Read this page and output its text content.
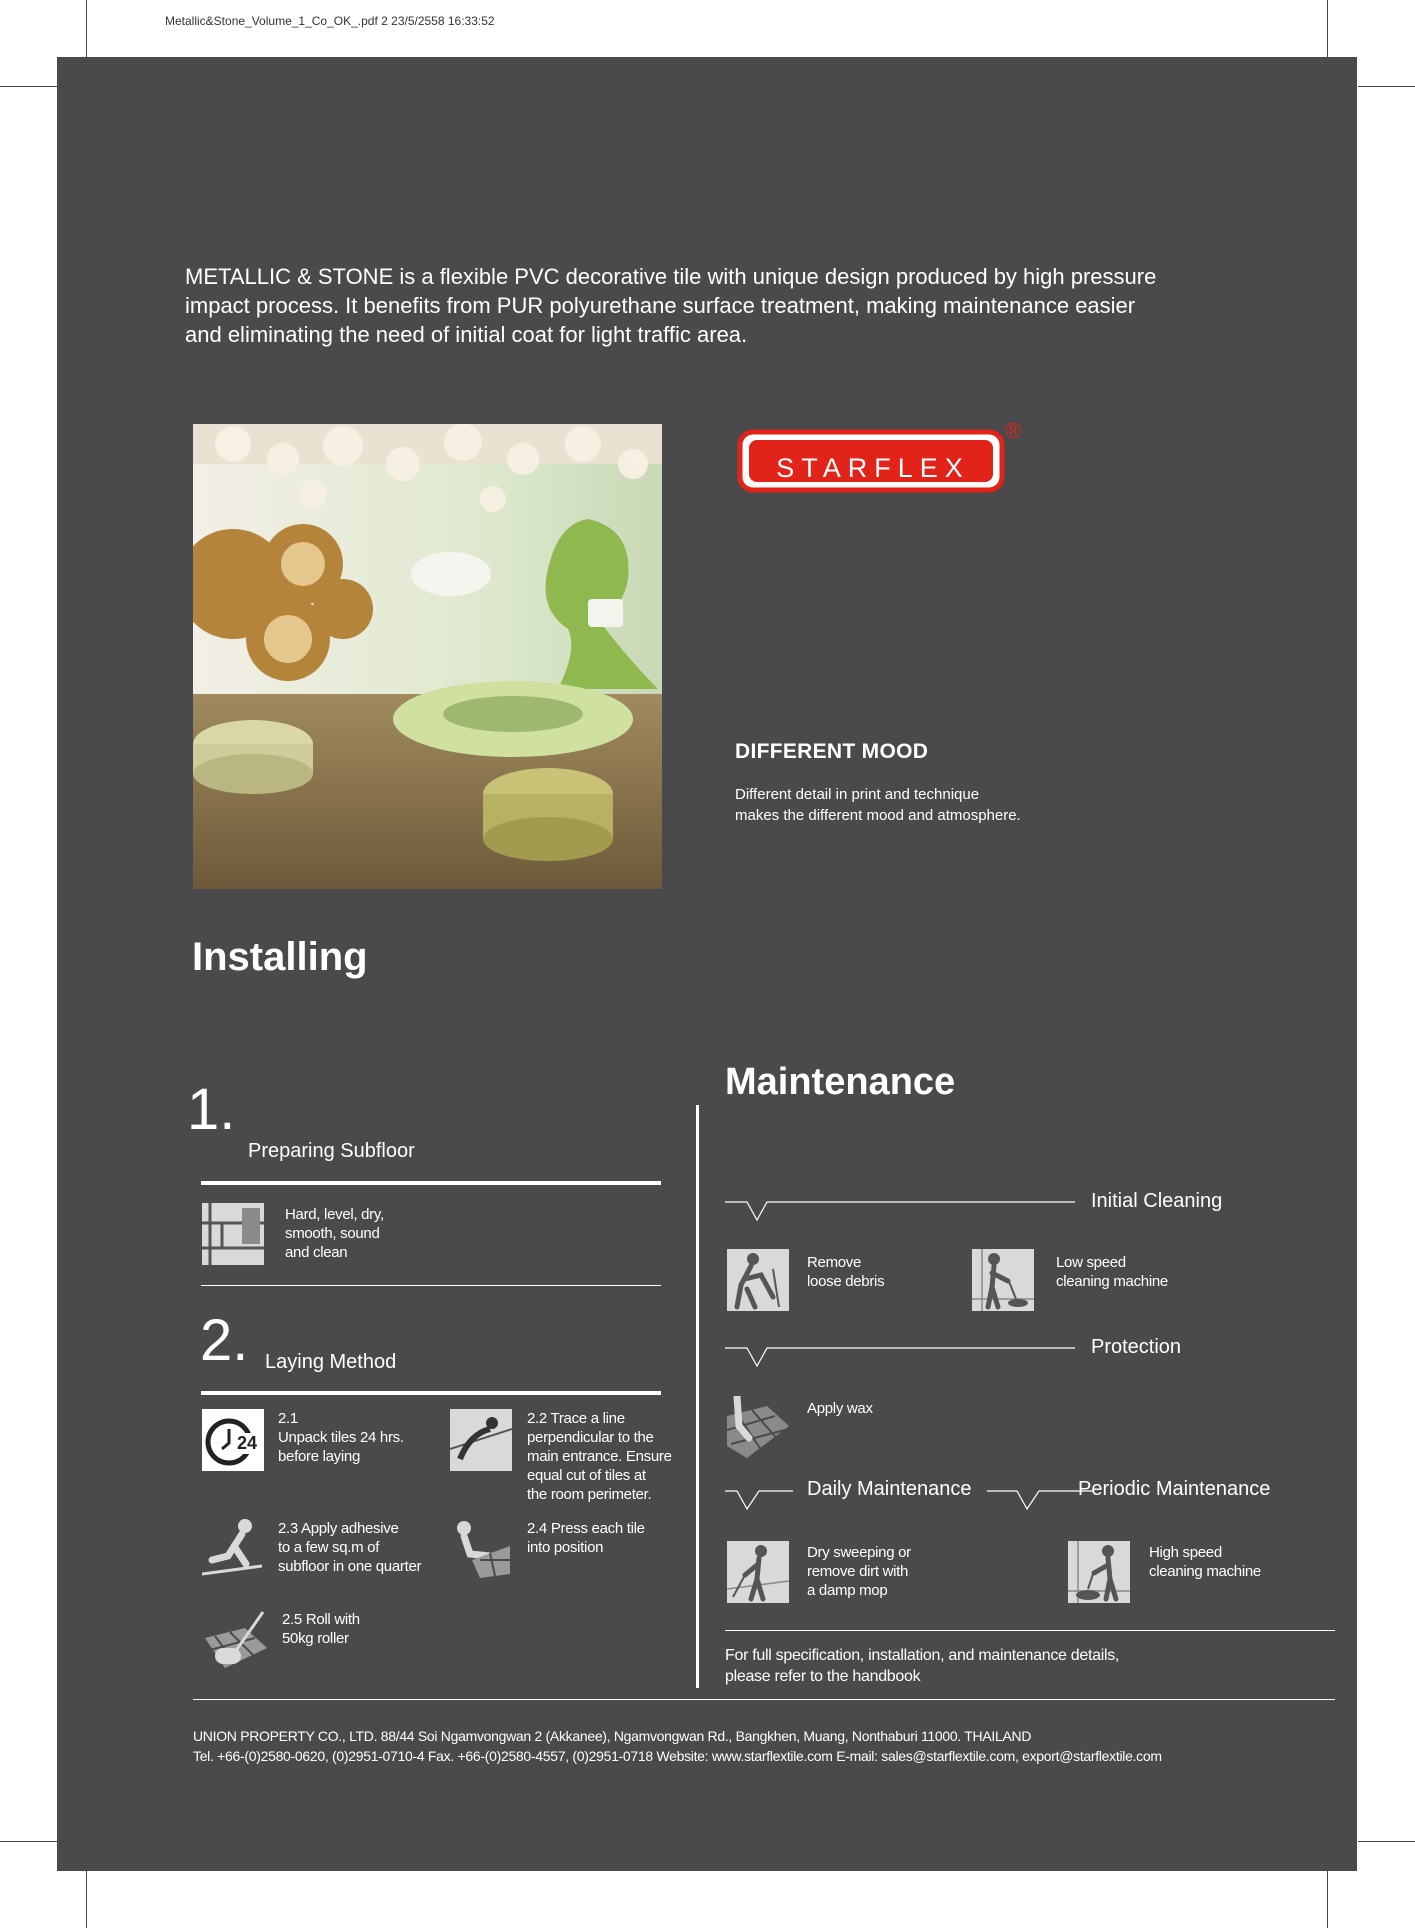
Metallic&Stone_Volume_1_Co_OK_.pdf 2 23/5/2558 16:33:52
METALLIC & STONE is a flexible PVC decorative tile with unique design produced by high pressure
impact process. It benefits from PUR polyurethane surface treatment, making maintenance easier
and eliminating the need of initial coat for light traffic area.
STARFLEX
®
DIFFERENT MOOD
Different detail in print and technique
makes the different mood and atmosphere.
Installing
1.
Preparing Subfloor
Hard, level, dry,
smooth, sound
and clean
2. Laying Method
24
2.1
Unpack tiles 24 hrs.
before laying
2.2 Trace a line
perpendicular to the
main entrance. Ensure
equal cut of tiles at
the room perimeter.
2.3 Apply adhesive
to a few sq.m of
subfloor in one quarter
2.4 Press each tile
into position
2.5 Roll with
50kg roller
Maintenance
Initial Cleaning
Remove
loose debris
Low speed
cleaning machine
Protection
Apply wax
Daily Maintenance	Periodic Maintenance
Dry sweeping or
remove dirt with
a damp mop
High speed
cleaning machine
For full specification, installation, and maintenance details,
please refer to the handbook
UNION PROPERTY CO., LTD. 88/44 Soi Ngamvongwan 2 (Akkanee), Ngamvongwan Rd., Bangkhen, Muang, Nonthaburi 11000. THAILAND
Tel. +66-(0)2580-0620, (0)2951-0710-4 Fax. +66-(0)2580-4557, (0)2951-0718 Website: www.starflextile.com E-mail: sales@starflextile.com, export@starflextile.com
